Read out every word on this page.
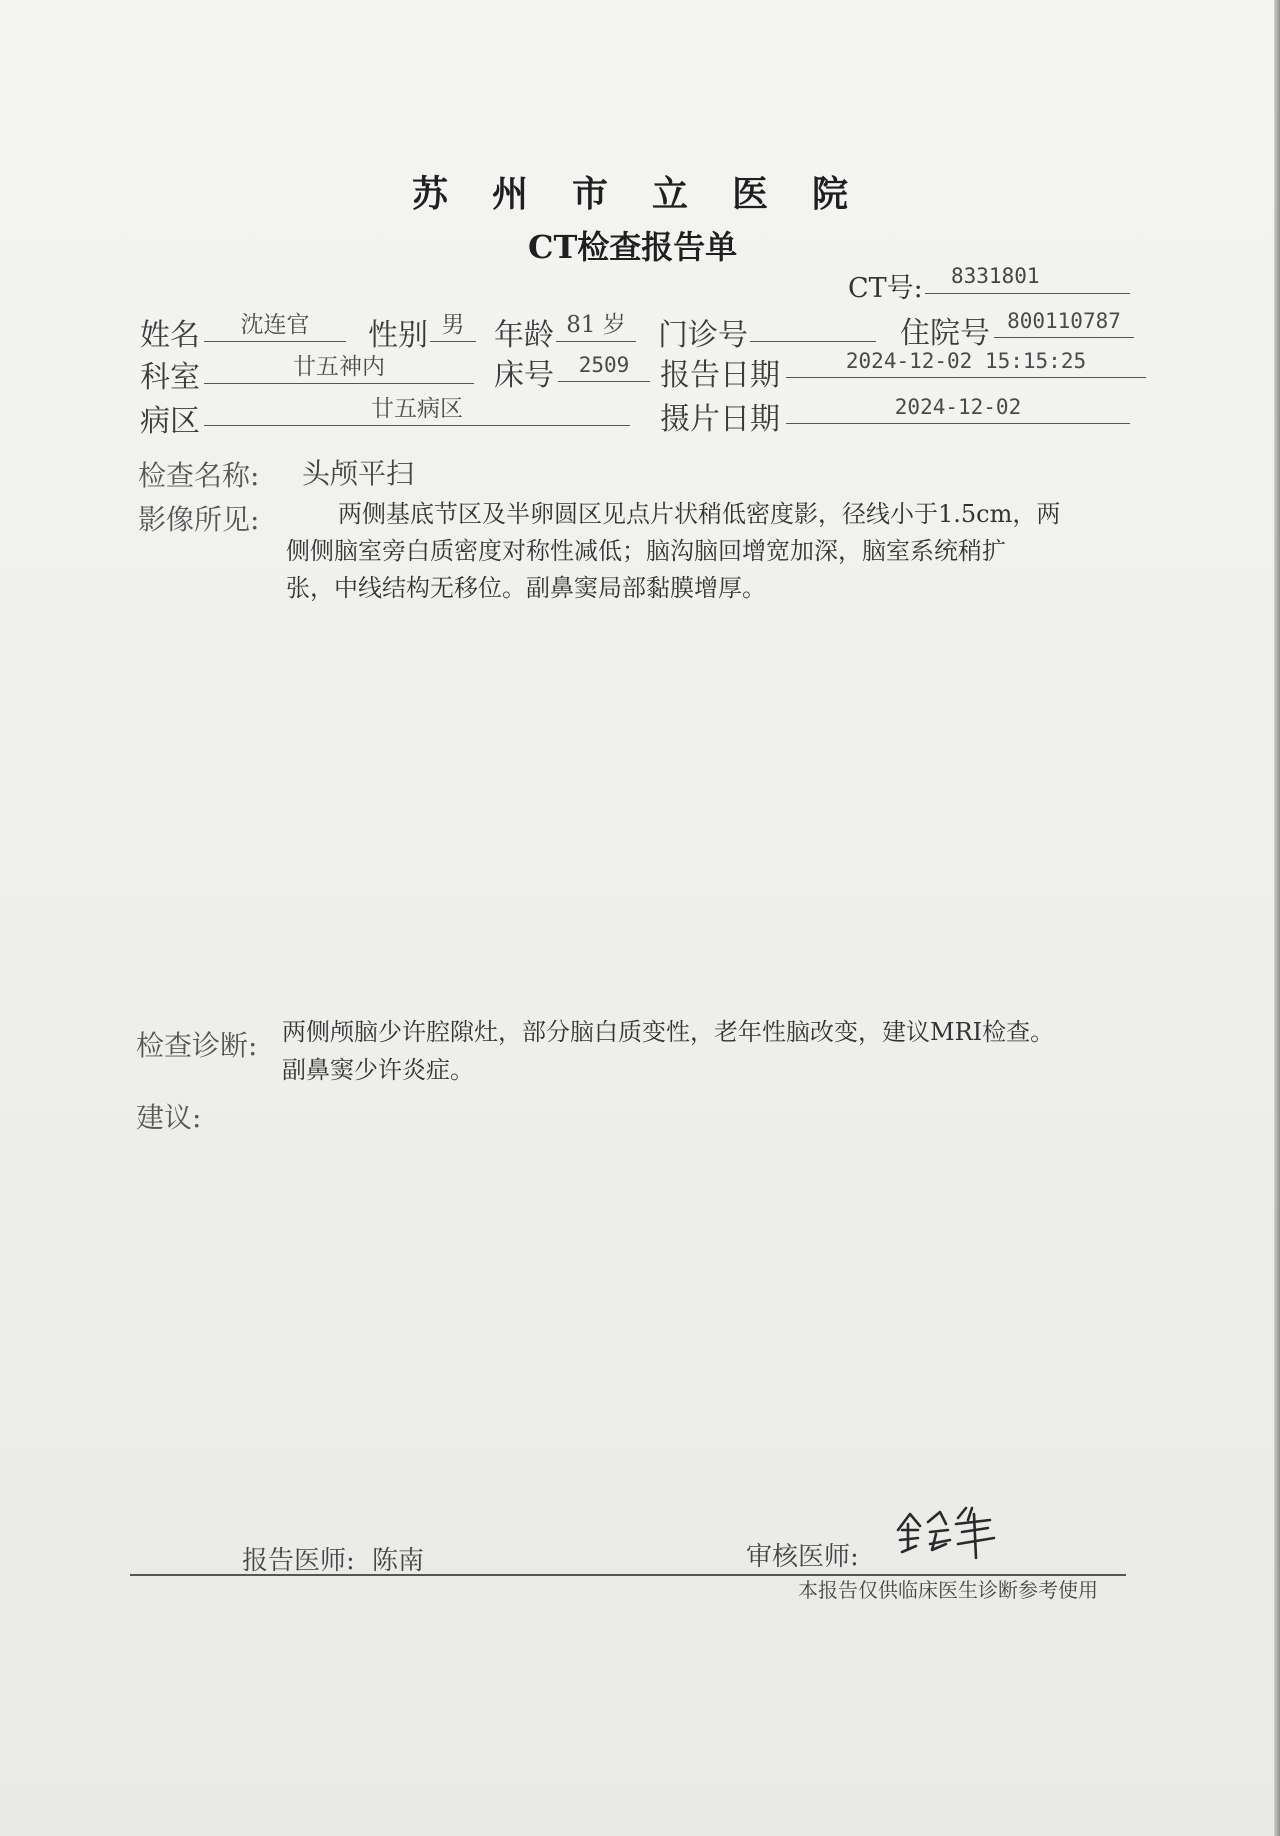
苏州市立医院
CT检查报告单
CT号:	8331801
姓名	沈连官	性别 男 年龄 81 岁	门诊号	住院号 800110787
科室	廿五神内	床号	2509	报告日期	2024-12-02 15:15:25
病区	廿五病区	摄片日期	2024-12-02
检查名称: 头颅平扫
影像所见:	两侧基底节区及半卵圆区见点片状稍低密度影，径线小于1.5cm，两
侧侧脑室旁白质密度对称性减低；脑沟脑回增宽加深，脑室系统稍扩
张，中线结构无移位。副鼻窦局部黏膜增厚。
检查诊断: 两侧颅脑少许腔隙灶，部分脑白质变性，老年性脑改变，建议MRI检查。
副鼻窦少许炎症。
建议:
报告医师: 陈南	审核医师:
本报告仅供临床医生诊断参考使用
